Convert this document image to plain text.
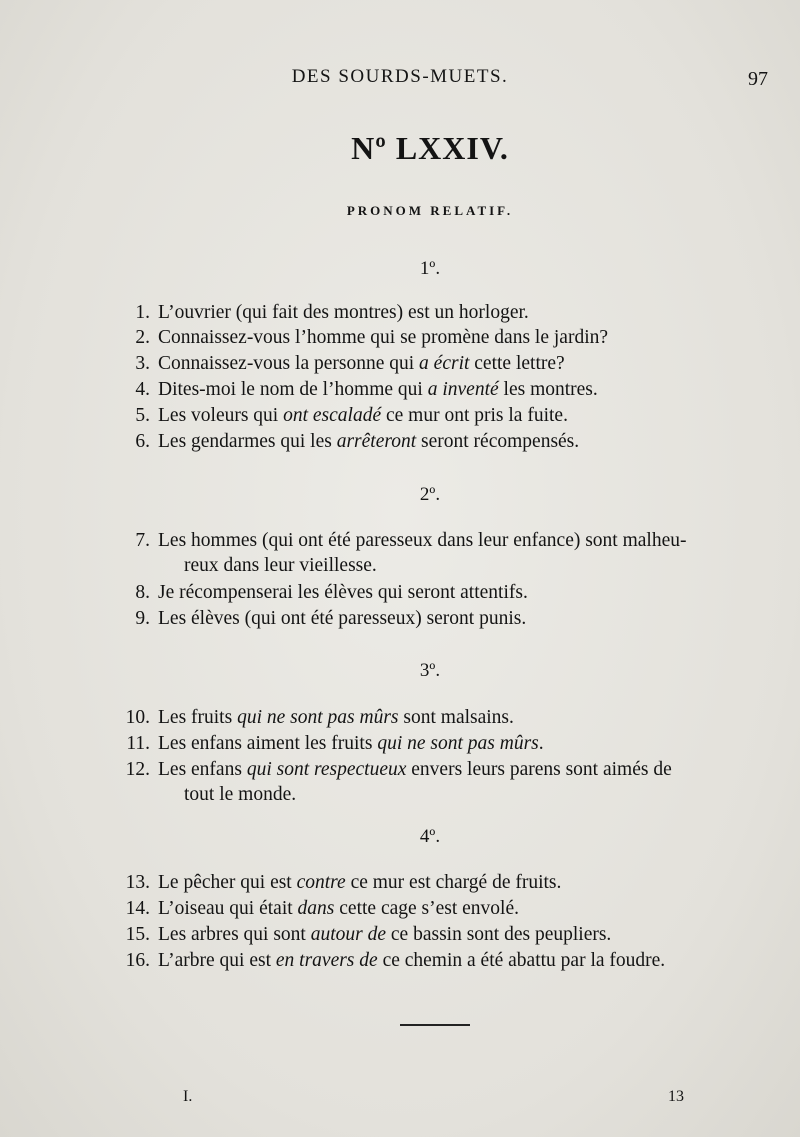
DES SOURDS-MUETS.	97
Nº LXXIV.
PRONOM RELATIF.
1º.
1. L’ouvrier (qui fait des montres) est un horloger.
2. Connaissez-vous l’homme qui se promène dans le jardin?
3. Connaissez-vous la personne qui a écrit cette lettre?
4. Dites-moi le nom de l’homme qui a inventé les montres.
5. Les voleurs qui ont escaladé ce mur ont pris la fuite.
6. Les gendarmes qui les arrêteront seront récompensés.
2º.
7. Les hommes (qui ont été paresseux dans leur enfance) sont malheu-
reux dans leur vieillesse.
8. Je récompenserai les élèves qui seront attentifs.
9. Les élèves (qui ont été paresseux) seront punis.
3º.
10. Les fruits qui ne sont pas mûrs sont malsains.
11. Les enfans aiment les fruits qui ne sont pas mûrs.
12. Les enfans qui sont respectueux envers leurs parens sont aimés de
tout le monde.
4º.
13. Le pêcher qui est contre ce mur est chargé de fruits.
14. L’oiseau qui était dans cette cage s’est envolé.
15. Les arbres qui sont autour de ce bassin sont des peupliers.
16. L’arbre qui est en travers de ce chemin a été abattu par la foudre.
I.	13
